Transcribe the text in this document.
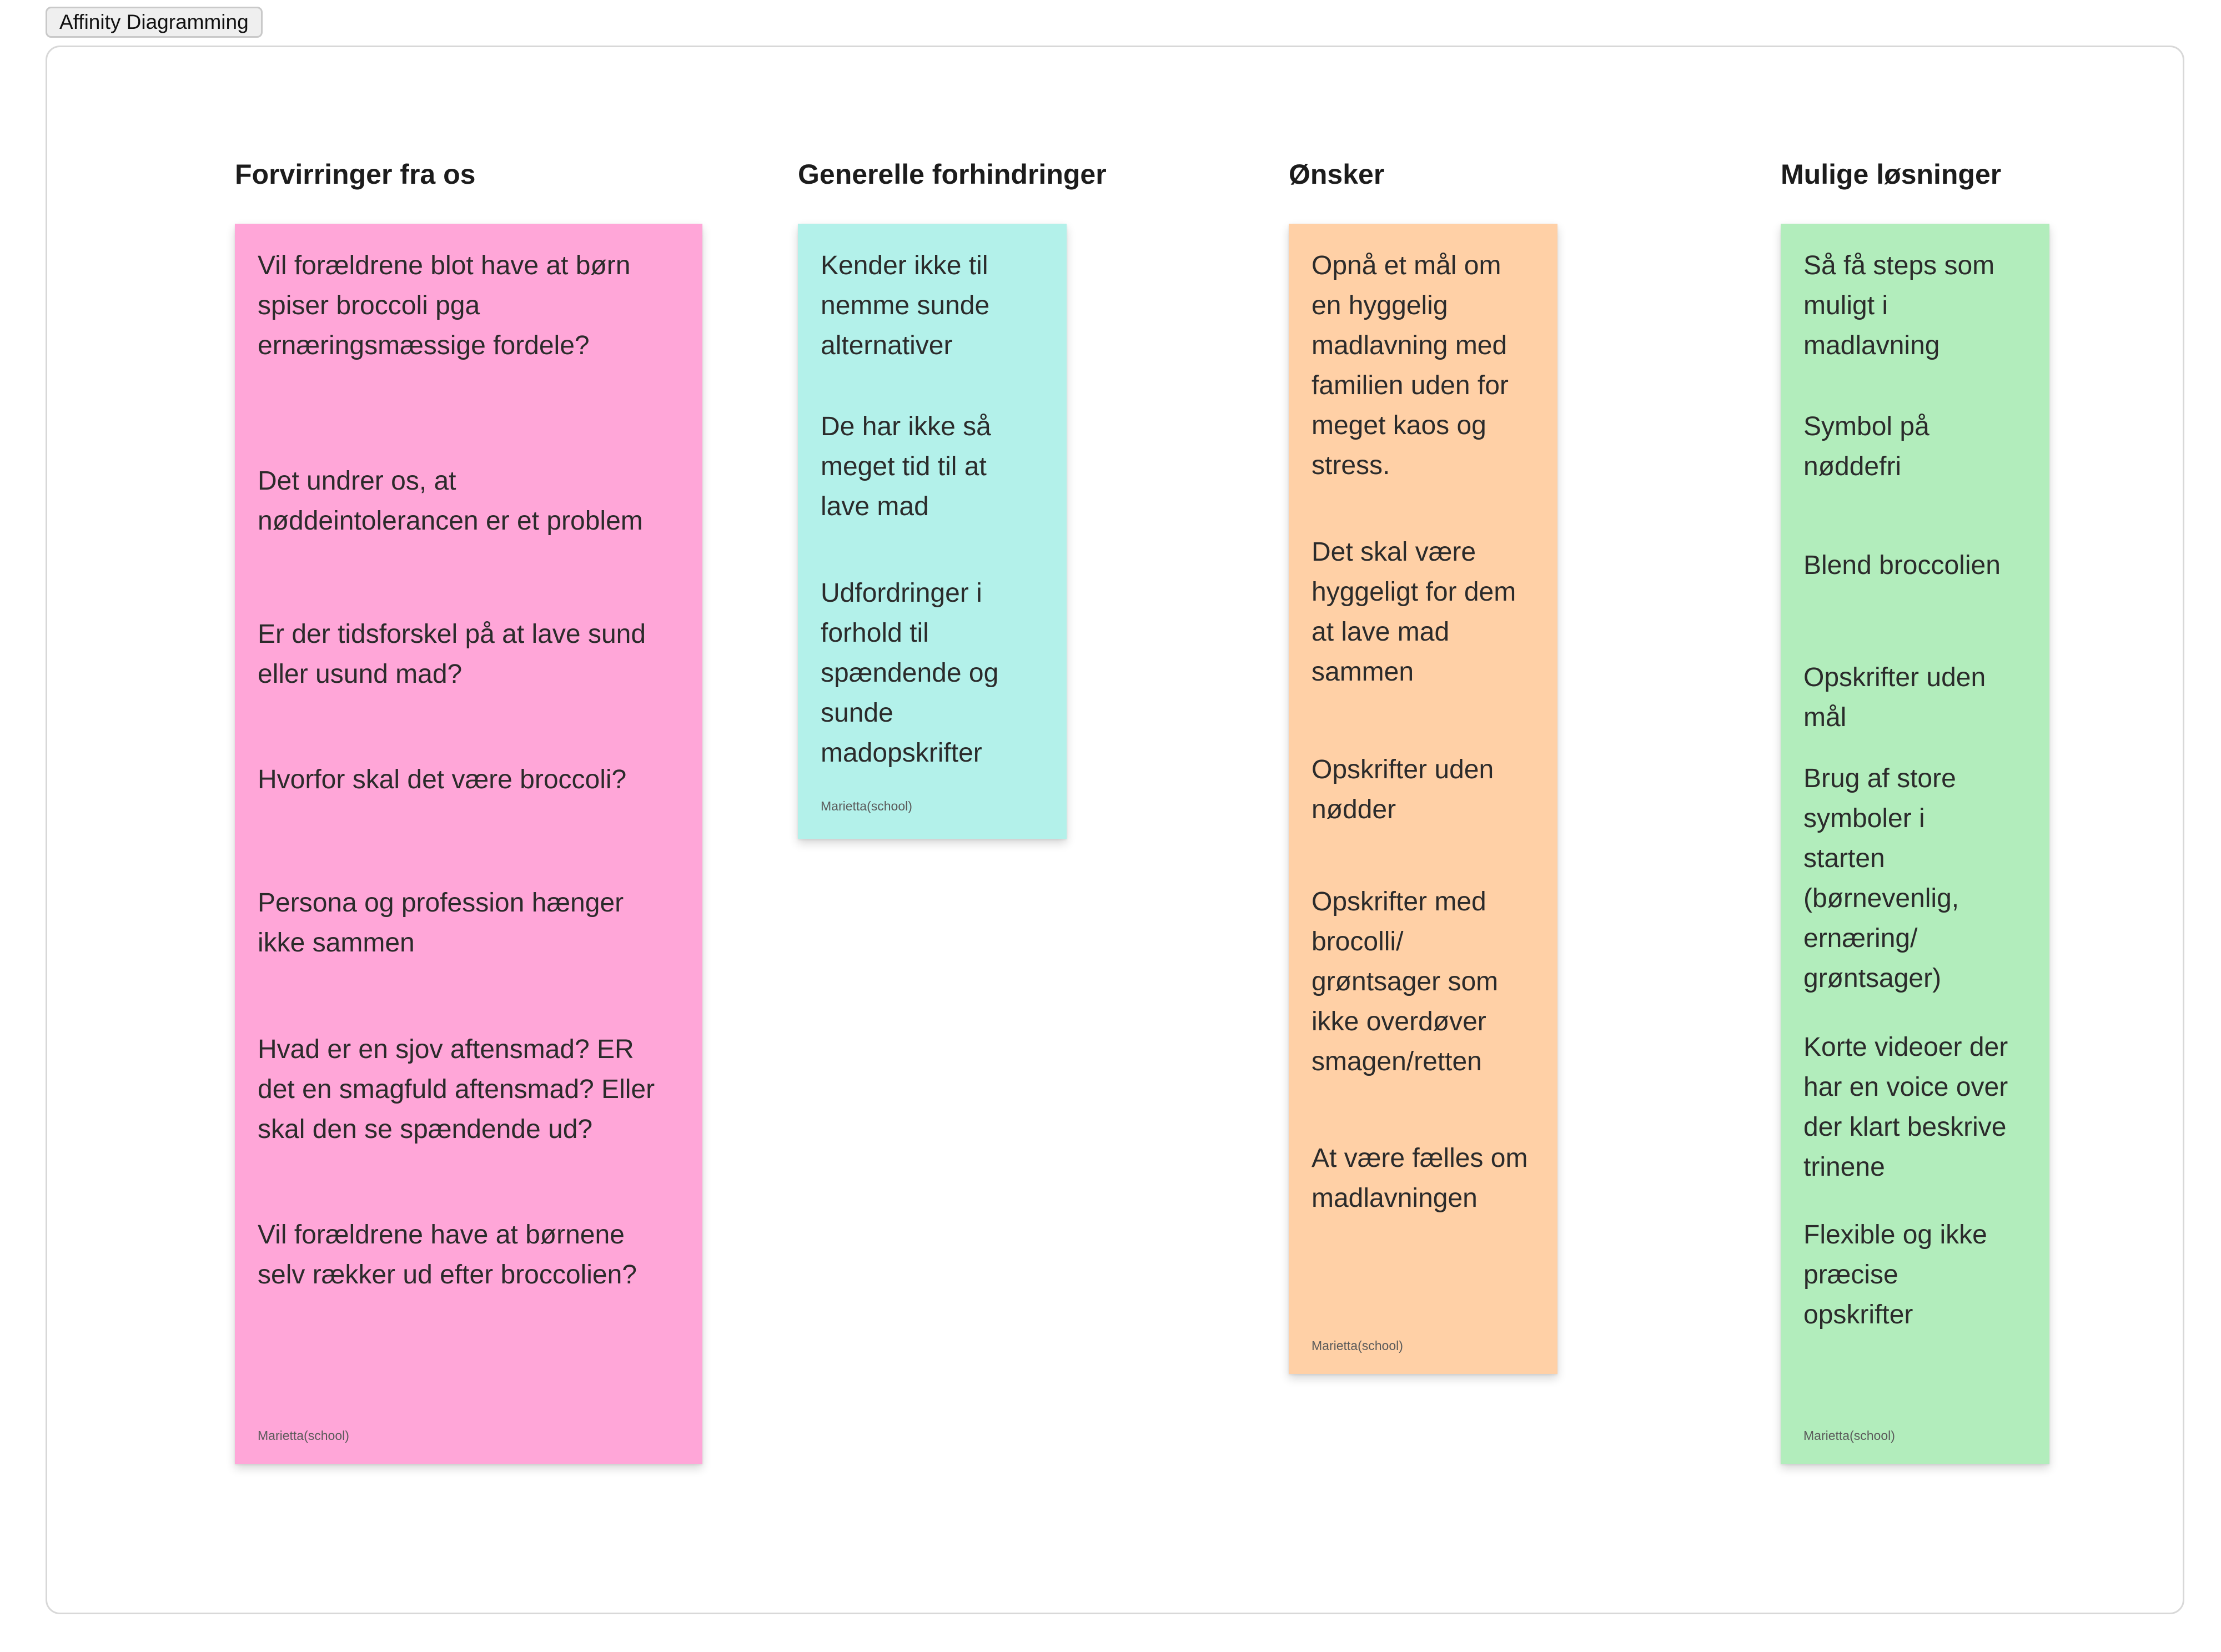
Affinity Diagramming
Forvirringer fra os

Vil forældrene blot have at børn
spiser broccoli pga
ernæringsmæssige fordele?

Det undrer os, at
nøddeintolerancen er et problem

Er der tidsforskel på at lave sund
eller usund mad?

Hvorfor skal det være broccoli?

Persona og profession hænger
ikke sammen

Hvad er en sjov aftensmad? ER
det en smagfuld aftensmad? Eller
skal den se spændende ud?

Vil forældrene have at børnene
selv rækker ud efter broccolien?

Marietta(school)
Generelle forhindringer

Kender ikke til
nemme sunde
alternativer

De har ikke så
meget tid til at
lave mad

Udfordringer i
forhold til
spændende og
sunde
madopskrifter

Marietta(school)
Ønsker

Opnå et mål om
en hyggelig
madlavning med
familien uden for
meget kaos og
stress.

Det skal være
hyggeligt for dem
at lave mad
sammen

Opskrifter uden
nødder

Opskrifter med
brocolli/
grøntsager som
ikke overdøver
smagen/retten

At være fælles om
madlavningen

Marietta(school)
Mulige løsninger

Så få steps som
muligt i
madlavning

Symbol på
nøddefri

Blend broccolien

Opskrifter uden
mål

Brug af store
symboler i
starten
(børnevenlig,
ernæring/
grøntsager)

Korte videoer der
har en voice over
der klart beskrive
trinene

Flexible og ikke
præcise
opskrifter

Marietta(school)
